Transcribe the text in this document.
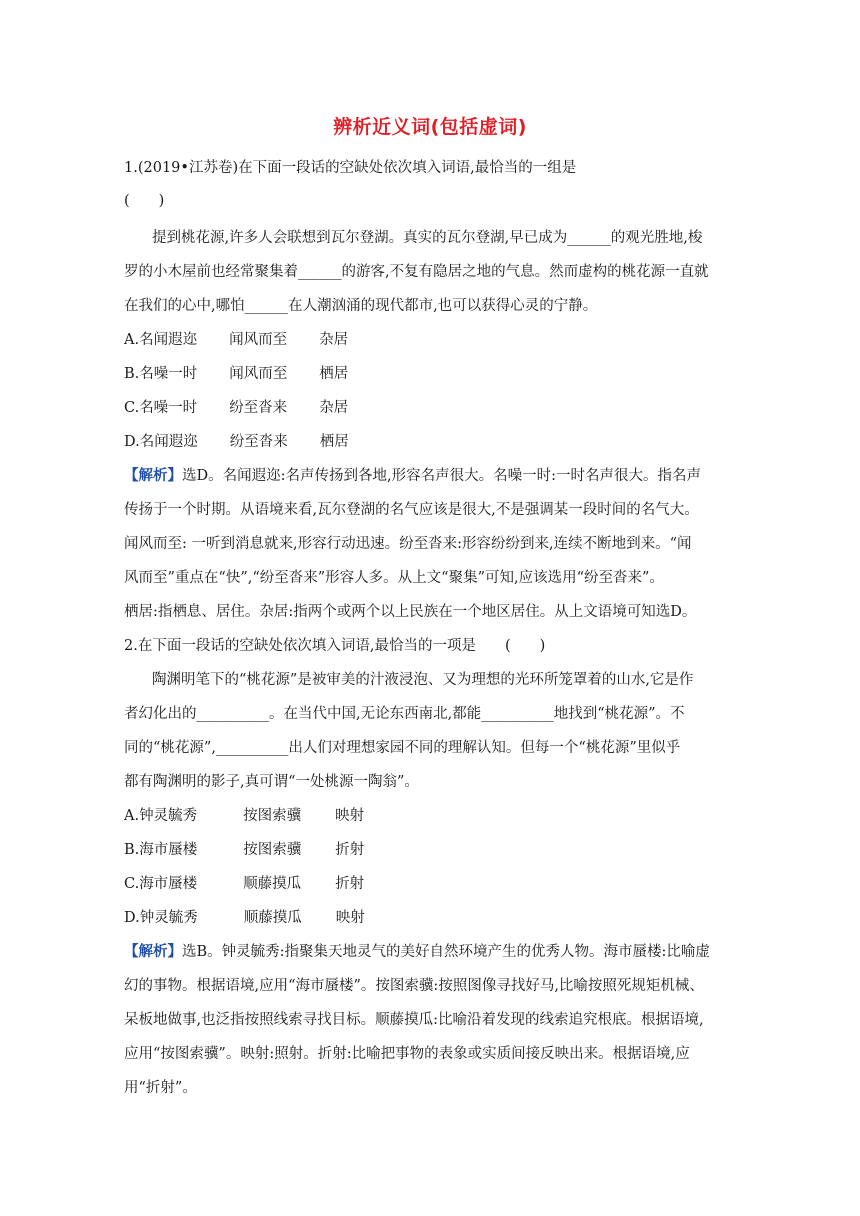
辨析近义词(包括虚词)
1.(2019•江苏卷)在下面一段话的空缺处依次填入词语,最恰当的一组是
(　　)
提到桃花源,许多人会联想到瓦尔登湖。真实的瓦尔登湖,早已成为______的观光胜地,梭
罗的小木屋前也经常聚集着______的游客,不复有隐居之地的气息。然而虚构的桃花源一直就
在我们的心中,哪怕______在人潮汹涌的现代都市,也可以获得心灵的宁静。
A.名闻遐迩 闻风而至 杂居
B.名噪一时 闻风而至 栖居
C.名噪一时 纷至沓来 杂居
D.名闻遐迩 纷至沓来 栖居
【解析】选D。名闻遐迩:名声传扬到各地,形容名声很大。名噪一时:一时名声很大。指名声
传扬于一个时期。从语境来看,瓦尔登湖的名气应该是很大,不是强调某一段时间的名气大。
闻风而至: 一听到消息就来,形容行动迅速。纷至沓来:形容纷纷到来,连续不断地到来。“闻
风而至”重点在“快”,“纷至沓来”形容人多。从上文“聚集”可知,应该选用“纷至沓来”。
栖居:指栖息、居住。杂居:指两个或两个以上民族在一个地区居住。从上文语境可知选D。
2.在下面一段话的空缺处依次填入词语,最恰当的一项是　　(　　)
陶渊明笔下的“桃花源”是被审美的汁液浸泡、又为理想的光环所笼罩着的山水,它是作
者幻化出的__________。在当代中国,无论东西南北,都能__________地找到“桃花源”。不
同的“桃花源”,__________出人们对理想家园不同的理解认知。但每一个“桃花源”里似乎
都有陶渊明的影子,真可谓“一处桃源一陶翁”。
A.钟灵毓秀	按图索骥 映射
B.海市蜃楼	按图索骥 折射
C.海市蜃楼	顺藤摸瓜 折射
D.钟灵毓秀	顺藤摸瓜 映射
【解析】选B。钟灵毓秀:指聚集天地灵气的美好自然环境产生的优秀人物。海市蜃楼:比喻虚
幻的事物。根据语境,应用“海市蜃楼”。按图索骥:按照图像寻找好马,比喻按照死规矩机械、
呆板地做事,也泛指按照线索寻找目标。顺藤摸瓜:比喻沿着发现的线索追究根底。根据语境,
应用“按图索骥”。映射:照射。折射:比喻把事物的表象或实质间接反映出来。根据语境,应
用“折射”。
